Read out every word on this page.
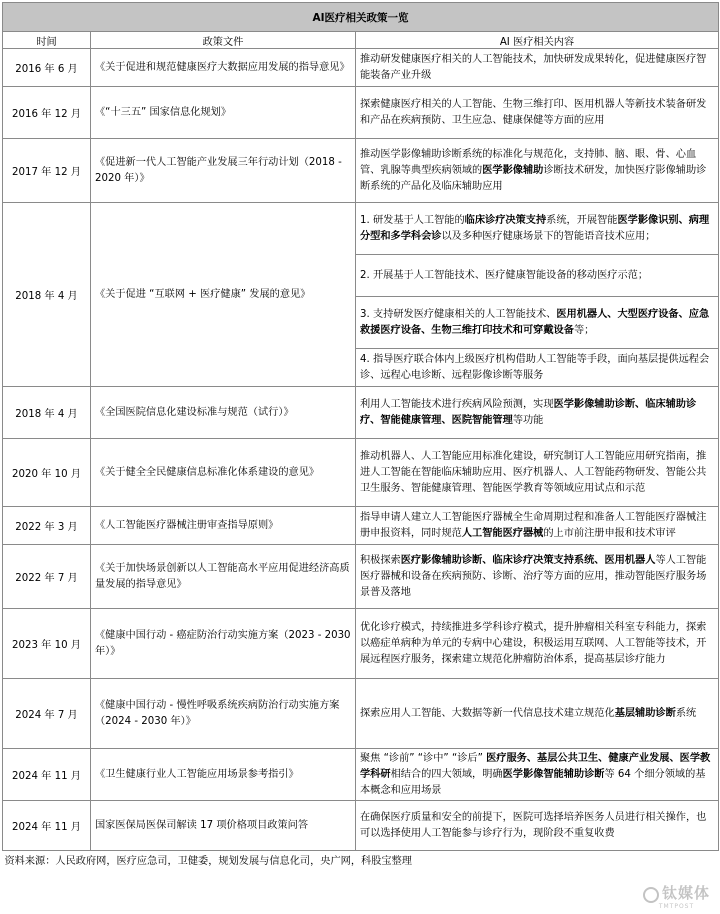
AI医疗相关政策一览		
时间	政策文件	AI 医疗相关内容
2016 年 6 月	《关于促进和规范健康医疗大数据应用发展的指导意见》	推动研发健康医疗相关的人工智能技术，加快研发成果转化，促进健康医疗智能装备产业升级
2016 年 12 月	《“十三五” 国家信息化规划》	探索健康医疗相关的人工智能、生物三维打印、医用机器人等新技术装备研发和产品在疾病预防、卫生应急、健康保健等方面的应用
2017 年 12 月	《促进新一代人工智能产业发展三年行动计划（2018 - 2020 年）》	推动医学影像辅助诊断系统的标准化与规范化，支持肺、脑、眼、骨、心血管、乳腺等典型疾病领域的医学影像辅助诊断技术研发，加快医疗影像辅助诊断系统的产品化及临床辅助应用
2018 年 4 月	《关于促进 “互联网 + 医疗健康” 发展的意见》	1. 研发基于人工智能的临床诊疗决策支持系统，开展智能医学影像识别、病理分型和多学科会诊以及多种医疗健康场景下的智能语音技术应用；
		2. 开展基于人工智能技术、医疗健康智能设备的移动医疗示范；
		3. 支持研发医疗健康相关的人工智能技术、医用机器人、大型医疗设备、应急救援医疗设备、生物三维打印技术和可穿戴设备等；
		4. 指导医疗联合体内上级医疗机构借助人工智能等手段，面向基层提供远程会诊、远程心电诊断、远程影像诊断等服务
2018 年 4 月	《全国医院信息化建设标准与规范（试行）》	利用人工智能技术进行疾病风险预测，实现医学影像辅助诊断、临床辅助诊疗、智能健康管理、医院智能管理等功能
2020 年 10 月	《关于健全全民健康信息标准化体系建设的意见》	推动机器人、人工智能应用标准化建设，研究制订人工智能应用研究指南，推进人工智能在智能临床辅助应用、医疗机器人、人工智能药物研发、智能公共卫生服务、智能健康管理、智能医学教育等领域应用试点和示范
2022 年 3 月	《人工智能医疗器械注册审查指导原则》	指导申请人建立人工智能医疗器械全生命周期过程和准备人工智能医疗器械注册申报资料，同时规范人工智能医疗器械的上市前注册申报和技术审评
2022 年 7 月	《关于加快场景创新以人工智能高水平应用促进经济高质量发展的指导意见》	积极探索医疗影像辅助诊断、临床诊疗决策支持系统、医用机器人等人工智能医疗器械和设备在疾病预防、诊断、治疗等方面的应用，推动智能医疗服务场景普及落地
2023 年 10 月	《健康中国行动 - 癌症防治行动实施方案（2023 - 2030 年）》	优化诊疗模式，持续推进多学科诊疗模式，提升肿瘤相关科室专科能力，探索以癌症单病种为单元的专病中心建设，积极运用互联网、人工智能等技术，开展远程医疗服务，探索建立规范化肿瘤防治体系，提高基层诊疗能力
2024 年 7 月	《健康中国行动 - 慢性呼吸系统疾病防治行动实施方案（2024 - 2030 年）》	探索应用人工智能、大数据等新一代信息技术建立规范化基层辅助诊断系统
2024 年 11 月	《卫生健康行业人工智能应用场景参考指引》	聚焦 “诊前” “诊中” “诊后” 医疗服务、基层公共卫生、健康产业发展、医学教学科研相结合的四大领域，明确医学影像智能辅助诊断等 64 个细分领域的基本概念和应用场景
2024 年 11 月	国家医保局医保司解读 17 项价格项目政策问答	在确保医疗质量和安全的前提下，医院可选择培养医务人员进行相关操作，也可以选择使用人工智能参与诊疗行为，现阶段不重复收费
资料来源：人民政府网，医疗应急司，卫健委，规划发展与信息化司，央广网，科股宝整理		
钛媒体
TMTPOST
